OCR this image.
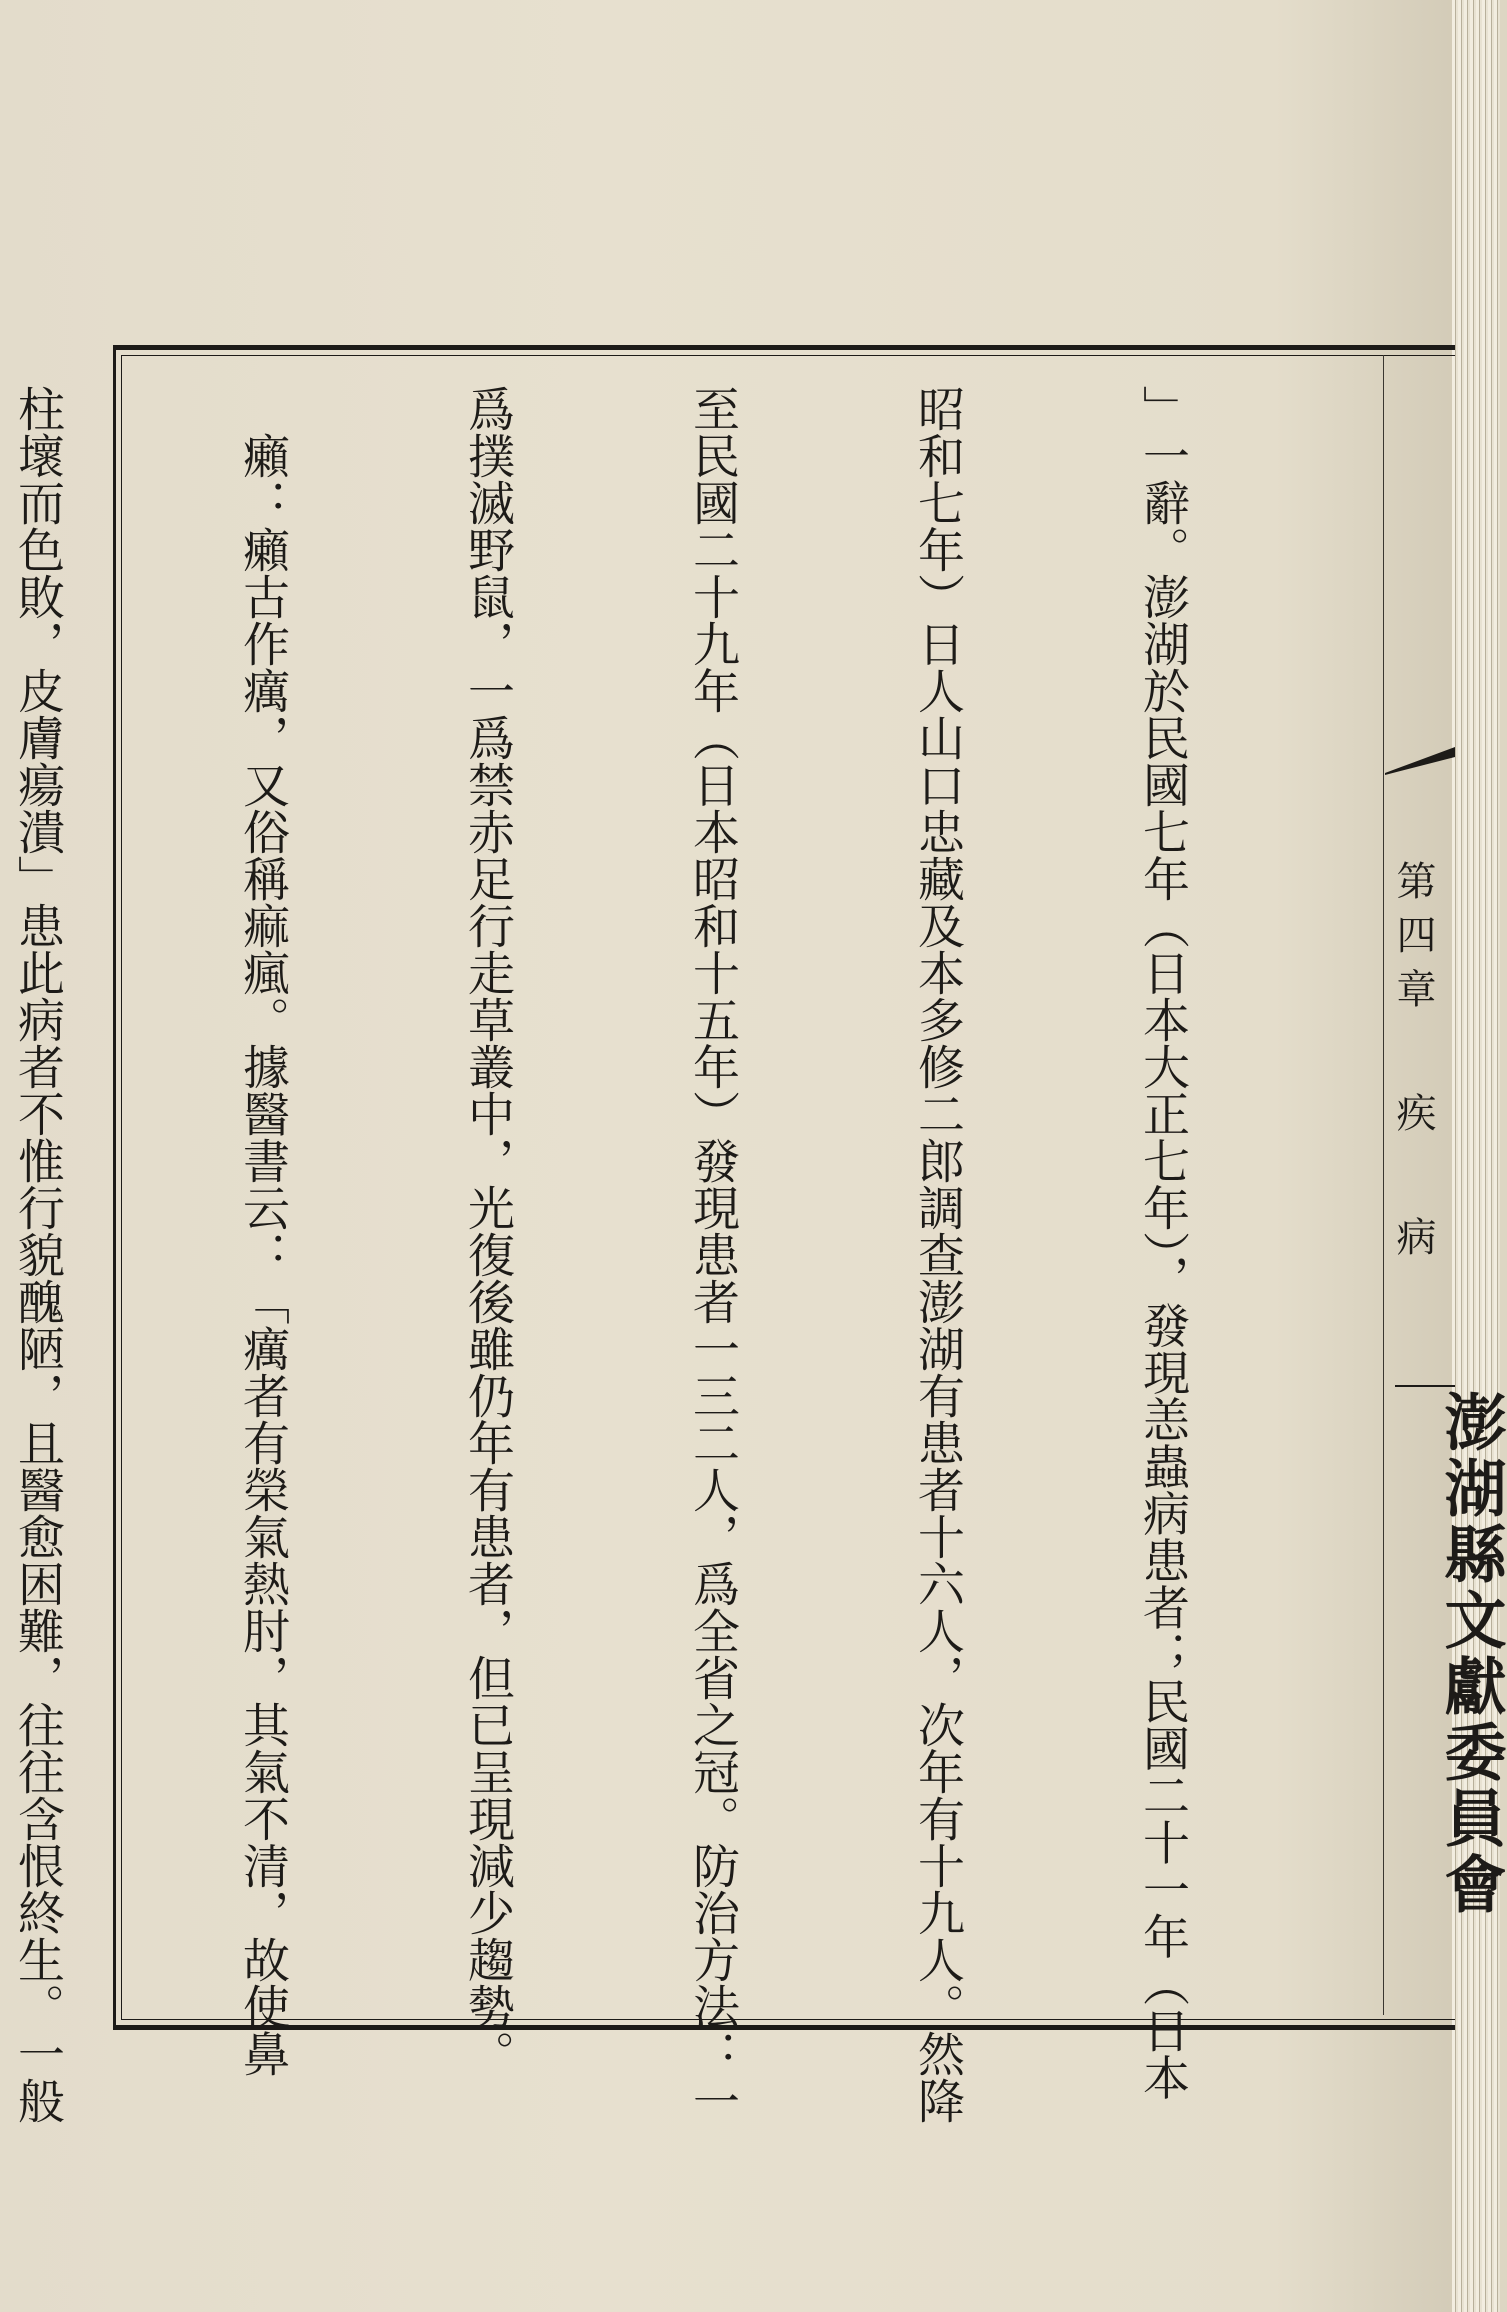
第四章疾病
澎湖縣文獻委員會

」一辭。澎湖於民國七年（日本大正七年），發現恙蟲病患者；民國二十一年（日本

昭和七年）日人山口忠藏及本多修二郎調查澎湖有患者十六人，次年有十九人。然降

至民國二十九年（日本昭和十五年）發現患者一三二人，爲全省之冠。防治方法：一

爲撲滅野鼠，一爲禁赤足行走草叢中，光復後雖仍年有患者，但已呈現減少趨勢。

癩：癩古作癘，又俗稱痲瘋。據醫書云：「癘者有榮氣熱肘，其氣不清，故使鼻

柱壞而色敗，皮膚瘍潰」患此病者不惟行貌醜陋，且醫愈困難，往往含恨終生。一般
